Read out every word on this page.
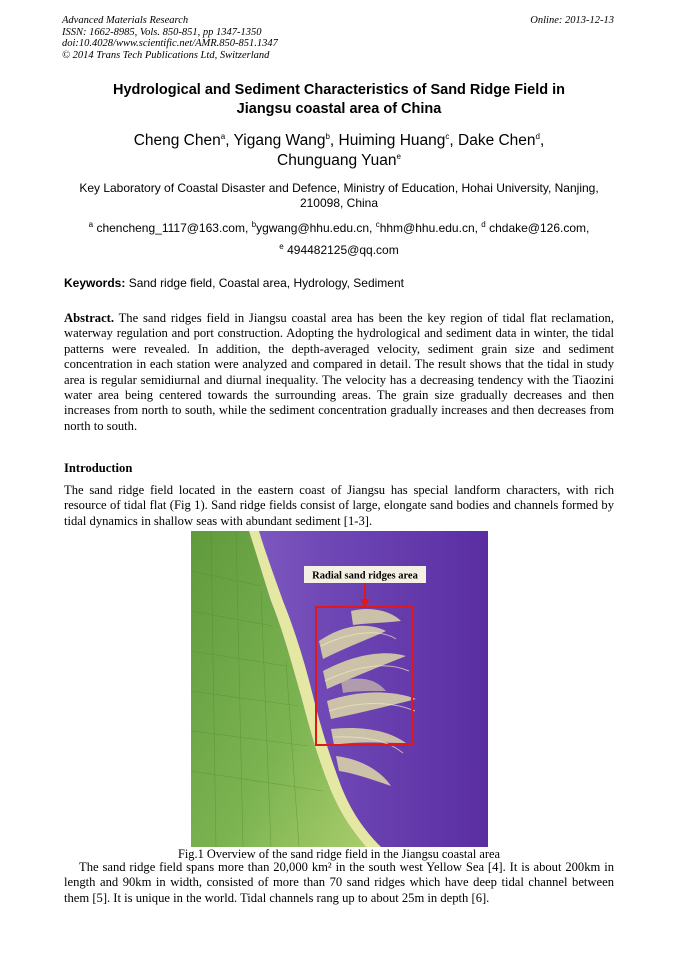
Advanced Materials Research
ISSN: 1662-8985, Vols. 850-851, pp 1347-1350
doi:10.4028/www.scientific.net/AMR.850-851.1347
© 2014 Trans Tech Publications Ltd, Switzerland
Online: 2013-12-13
Hydrological and Sediment Characteristics of Sand Ridge Field in
Jiangsu coastal area of China
Cheng Chen$^a$, Yigang Wang$^b$, Huiming Huang$^c$, Dake Chen$^d$,
Chunguang Yuan$^e$
Key Laboratory of Coastal Disaster and Defence, Ministry of Education, Hohai University, Nanjing,
210098, China
$^a$ chencheng_1117@163.com, $^b$ygwang@hhu.edu.cn, $^c$hhm@hhu.edu.cn, $^d$ chdake@126.com,
$^e$ 494482125@qq.com
Keywords: Sand ridge field, Coastal area, Hydrology, Sediment
Abstract. The sand ridges field in Jiangsu coastal area has been the key region of tidal flat reclamation, waterway regulation and port construction. Adopting the hydrological and sediment data in winter, the tidal patterns were revealed. In addition, the depth-averaged velocity, sediment grain size and sediment concentration in each station were analyzed and compared in detail. The result shows that the tidal in study area is regular semidiurnal and diurnal inequality. The velocity has a decreasing tendency with the Tiaozini water area being centered towards the surrounding areas. The grain size gradually decreases and then increases from north to south, while the sediment concentration gradually increases and then decreases from north to south.
Introduction
The sand ridge field located in the eastern coast of Jiangsu has special landform characters, with rich resource of tidal flat (Fig 1). Sand ridge fields consist of large, elongate sand bodies and channels formed by tidal dynamics in shallow seas with abundant sediment [1-3].
Radial sand ridges area
Fig.1 Overview of the sand ridge field in the Jiangsu coastal area
The sand ridge field spans more than 20,000 km² in the south west Yellow Sea [4]. It is about 200km in length and 90km in width, consisted of more than 70 sand ridges which have deep tidal channel between them [5]. It is unique in the world. Tidal channels rang up to about 25m in depth [6].
